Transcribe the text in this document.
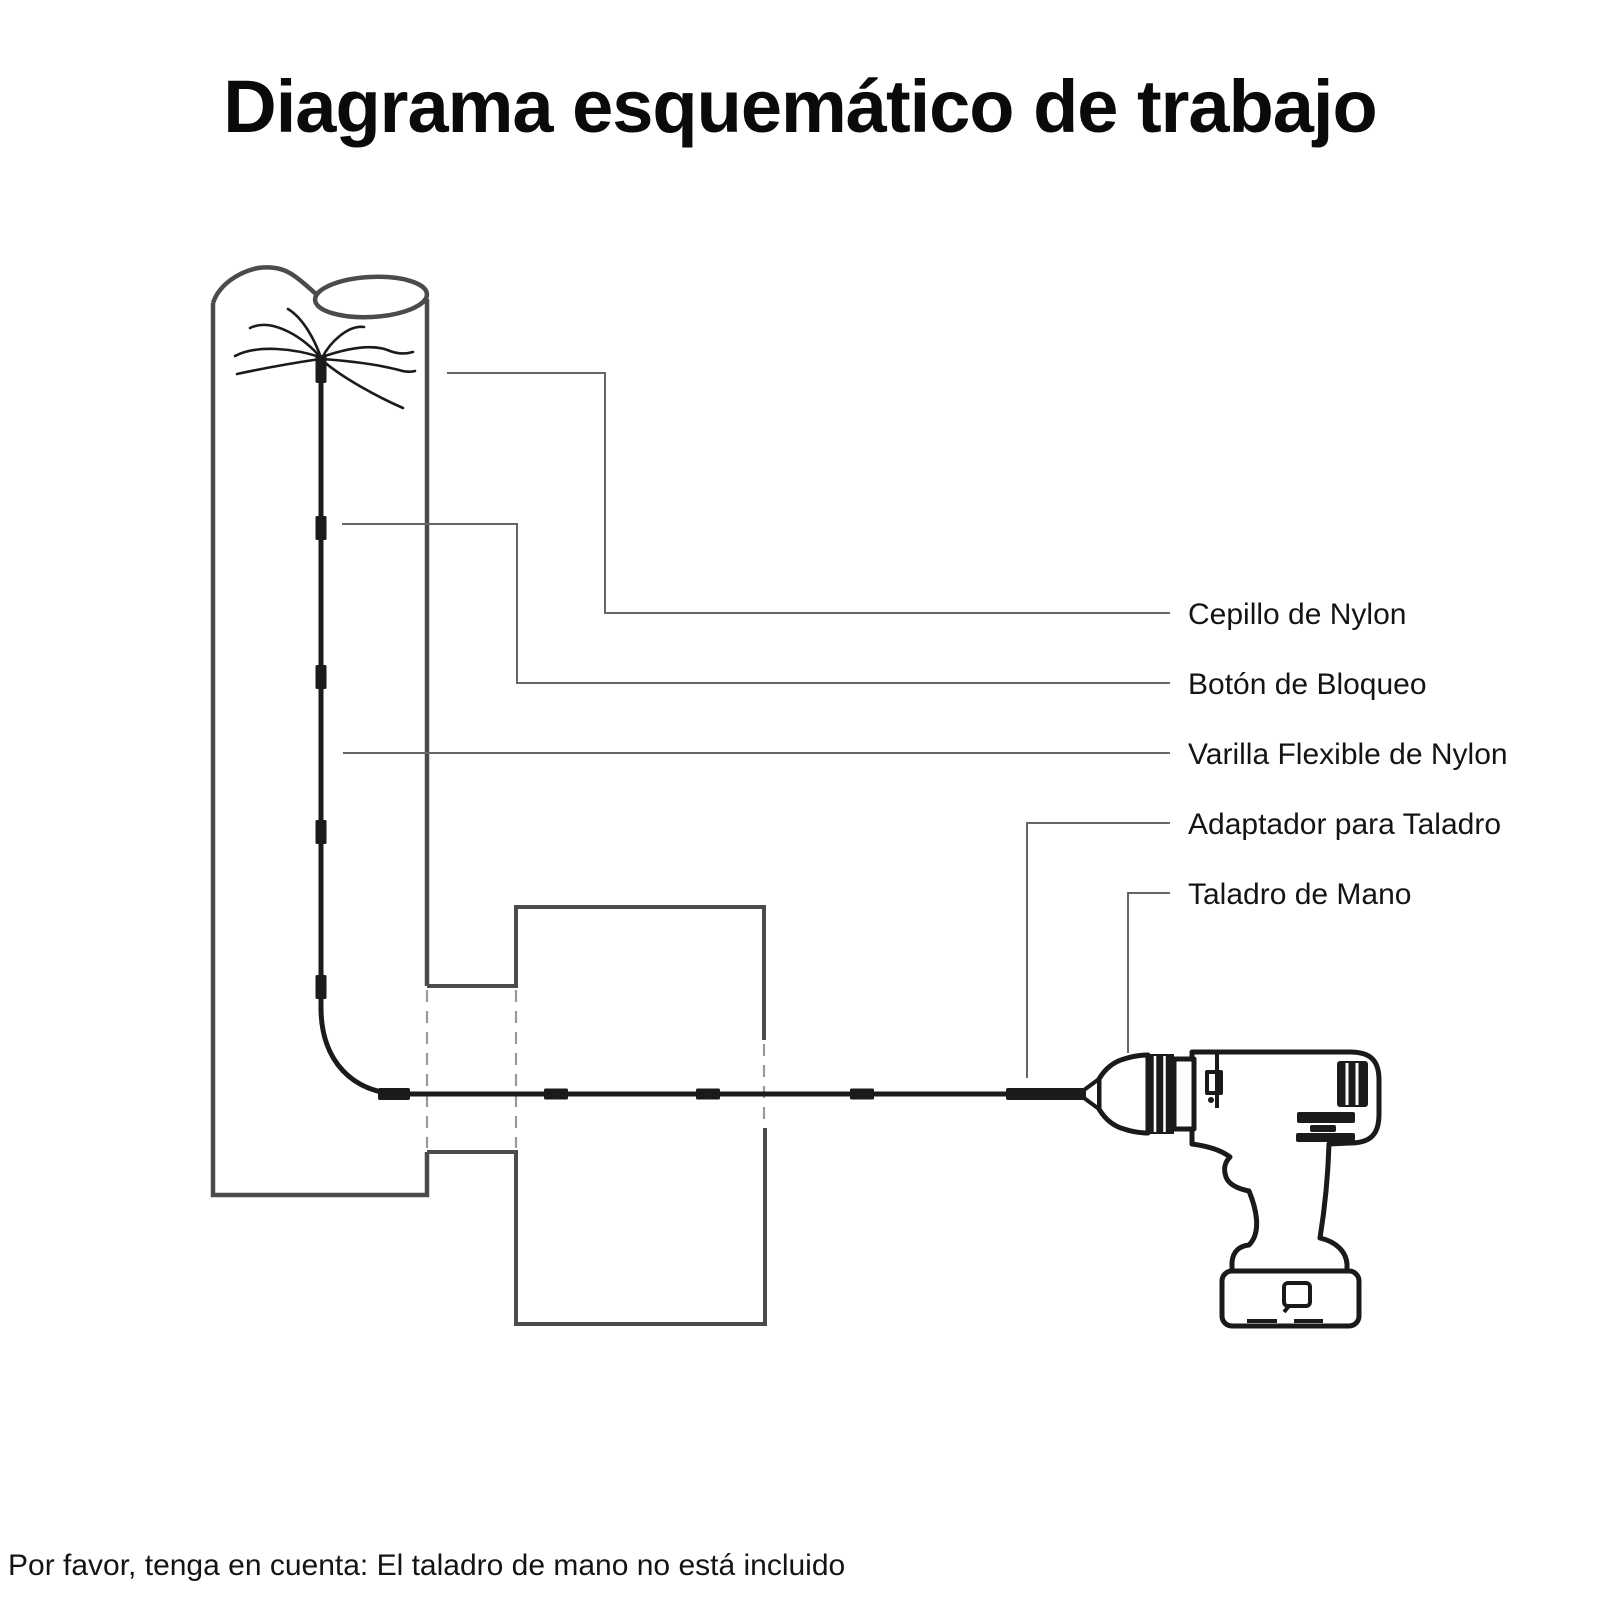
Diagrama esquemático de trabajo
Cepillo de Nylon
Botón de Bloqueo
Varilla Flexible de Nylon
Adaptador para Taladro
Taladro de Mano
Por favor, tenga en cuenta: El taladro de mano no está incluido
